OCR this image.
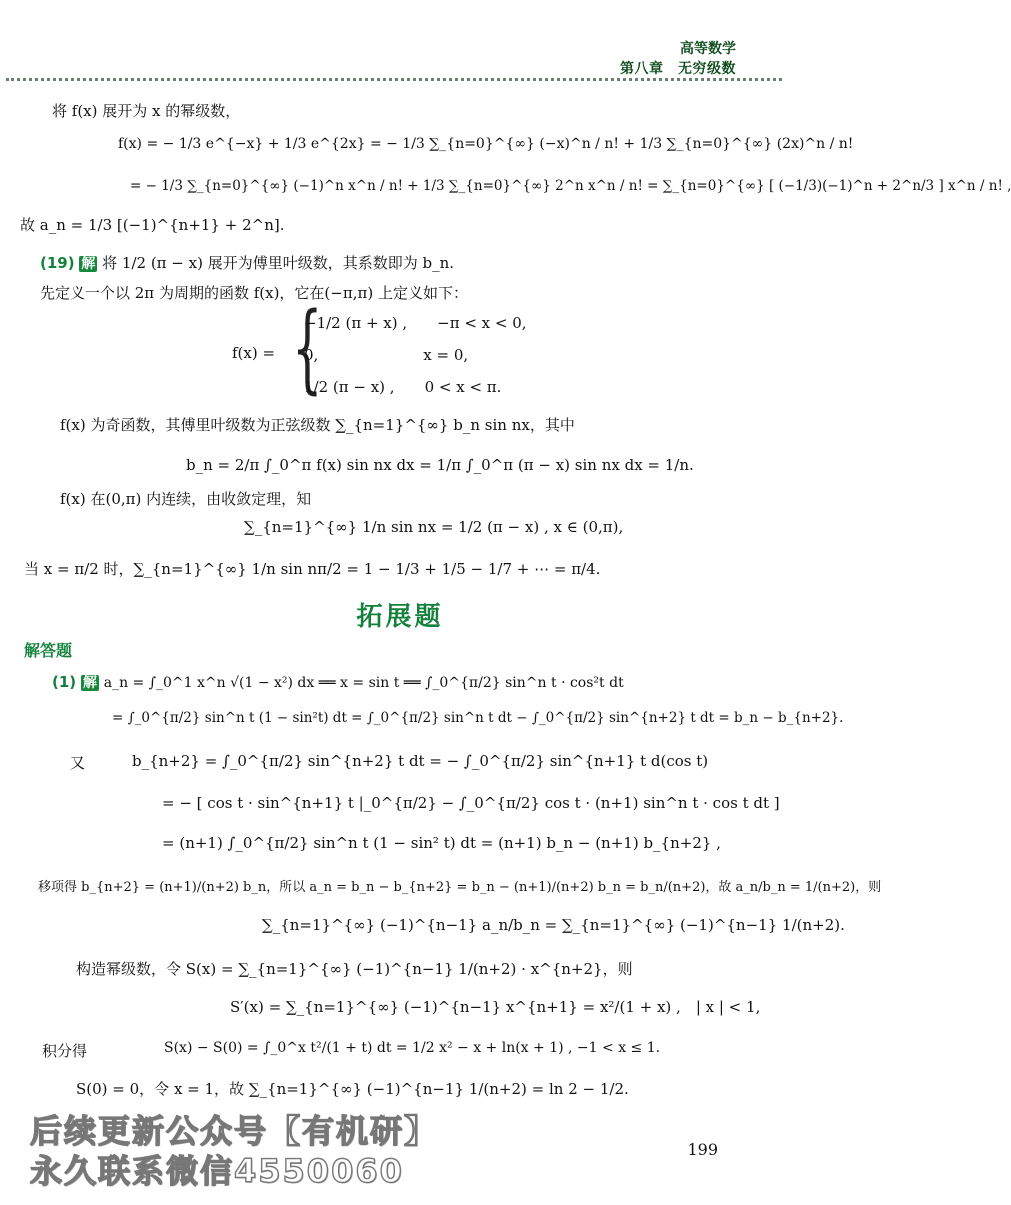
高等数学
第八章　无穷级数
将 f(x) 展开为 x 的幂级数，
f(x) = − 1/3 e^{−x} + 1/3 e^{2x} = − 1/3 ∑_{n=0}^{∞} (−x)^n / n! + 1/3 ∑_{n=0}^{∞} (2x)^n / n!
= − 1/3 ∑_{n=0}^{∞} (−1)^n x^n / n! + 1/3 ∑_{n=0}^{∞} 2^n x^n / n! = ∑_{n=0}^{∞} [ (−1/3)(−1)^n + 2^n/3 ] x^n / n! ,
故 a_n = 1/3 [(−1)^{n+1} + 2^n].
(19) 解 将 1/2 (π − x) 展开为傅里叶级数，其系数即为 b_n.
先定义一个以 2π 为周期的函数 f(x)，它在(−π,π) 上定义如下：
f(x) = {
−1/2 (π + x) ,　　−π < x < 0,
0,　　　　　　　x = 0,
1/2 (π − x) ,　　0 < x < π.
f(x) 为奇函数，其傅里叶级数为正弦级数 ∑_{n=1}^{∞} b_n sin nx，其中
b_n = 2/π ∫_0^π f(x) sin nx dx = 1/π ∫_0^π (π − x) sin nx dx = 1/n.
f(x) 在(0,π) 内连续，由收敛定理，知
∑_{n=1}^{∞} 1/n sin nx = 1/2 (π − x) , x ∈ (0,π),
当 x = π/2 时，∑_{n=1}^{∞} 1/n sin nπ/2 = 1 − 1/3 + 1/5 − 1/7 + ⋯ = π/4.
拓展题
解答题
(1) 解 a_n = ∫_0^1 x^n √(1 − x²) dx ══ x = sin t ══ ∫_0^{π/2} sin^n t · cos²t dt
= ∫_0^{π/2} sin^n t (1 − sin²t) dt = ∫_0^{π/2} sin^n t dt − ∫_0^{π/2} sin^{n+2} t dt = b_n − b_{n+2}.
又	b_{n+2} = ∫_0^{π/2} sin^{n+2} t dt = − ∫_0^{π/2} sin^{n+1} t d(cos t)
= − [ cos t · sin^{n+1} t |_0^{π/2} − ∫_0^{π/2} cos t · (n+1) sin^n t · cos t dt ]
= (n+1) ∫_0^{π/2} sin^n t (1 − sin² t) dt = (n+1) b_n − (n+1) b_{n+2} ,
移项得 b_{n+2} = (n+1)/(n+2) b_n，所以 a_n = b_n − b_{n+2} = b_n − (n+1)/(n+2) b_n = b_n/(n+2)，故 a_n/b_n = 1/(n+2)，则
∑_{n=1}^{∞} (−1)^{n−1} a_n/b_n = ∑_{n=1}^{∞} (−1)^{n−1} 1/(n+2).
构造幂级数，令 S(x) = ∑_{n=1}^{∞} (−1)^{n−1} 1/(n+2) · x^{n+2}，则
S′(x) = ∑_{n=1}^{∞} (−1)^{n−1} x^{n+1} = x²/(1 + x) ,　| x | < 1,
积分得	S(x) − S(0) = ∫_0^x t²/(1 + t) dt = 1/2 x² − x + ln(x + 1) , −1 < x ≤ 1.
S(0) = 0，令 x = 1，故 ∑_{n=1}^{∞} (−1)^{n−1} 1/(n+2) = ln 2 − 1/2.
后续更新公众号【有机研】
永久联系微信4550060
199
